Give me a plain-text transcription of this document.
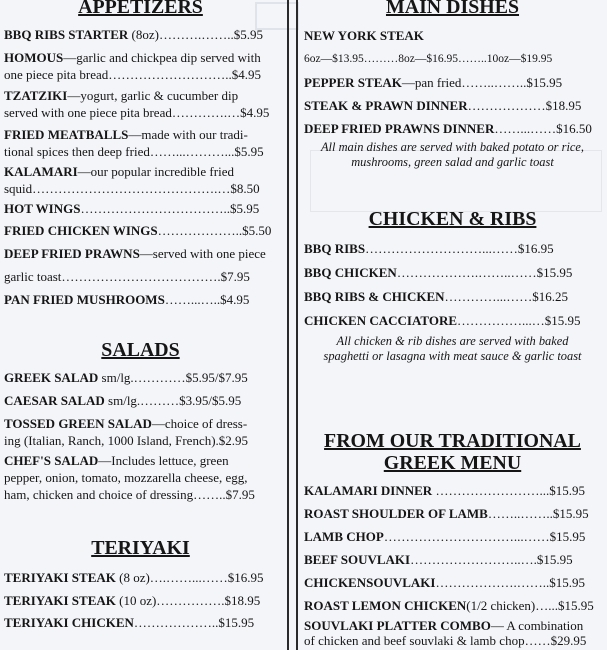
APPETIZERS
BBQ RIBS STARTER (8oz)……….……..$5.95
HOMOUS—garlic and chickpea dip served with
one piece pita bread………………………..$4.95
TZATZIKI—yogurt, garlic & cucumber dip
served with one piece pita bread………….…$4.95
FRIED MEATBALLS—made with our tradi-
tional spices then deep fried……...………...$5.95
KALAMARI—our popular incredible fried
squid…………………………………….…$8.50
HOT WINGS……………………………..$5.95
FRIED CHICKEN WINGS………………..$5.50
DEEP FRIED PRAWNS—served with one piece
garlic toast……………………………….$7.95
PAN FRIED MUSHROOMS……...…..$4.95
SALADS
GREEK SALAD sm/lg.…………$5.95/$7.95
CAESAR SALAD sm/lg.………$3.95/$5.95
TOSSED GREEN SALAD—choice of dress-
ing (Italian, Ranch, 1000 Island, French).$2.95
CHEF'S SALAD—Includes lettuce, green
pepper, onion, tomato, mozzarella cheese, egg,
ham, chicken and choice of dressing……..$7.95
TERIYAKI
TERIYAKI STEAK (8 oz)….……...……$16.95
TERIYAKI STEAK (10 oz)…………….$18.95
TERIYAKI CHICKEN………………..$15.95
MAIN DISHES
NEW YORK STEAK
6oz—$13.95………8oz—$16.95……..10oz—$19.95
PEPPER STEAK—pan fried……..……..$15.95
STEAK & PRAWN DINNER………………$18.95
DEEP FRIED PRAWNS DINNER……...……$16.50
All main dishes are served with baked potato or rice,
mushrooms, green salad and garlic toast
CHICKEN & RIBS
BBQ RIBS………………………...……$16.95
BBQ CHICKEN……………….……..……$15.95
BBQ RIBS & CHICKEN…………...……$16.25
CHICKEN CACCIATORE……………...…$15.95
All chicken & rib dishes are served with baked
spaghetti or lasagna with meat sauce & garlic toast
FROM OUR TRADITIONAL
GREEK MENU
KALAMARI DINNER ……………………...$15.95
ROAST SHOULDER OF LAMB……..……..$15.95
LAMB CHOP…………………………...……$15.95
BEEF SOUVLAKI……………………..….$15.95
CHICKENSOUVLAKI……………….……..$15.95
ROAST LEMON CHICKEN(1/2 chicken)…...$15.95
SOUVLAKI PLATTER COMBO— A combination
of chicken and beef souvlaki & lamb chop……$29.95
